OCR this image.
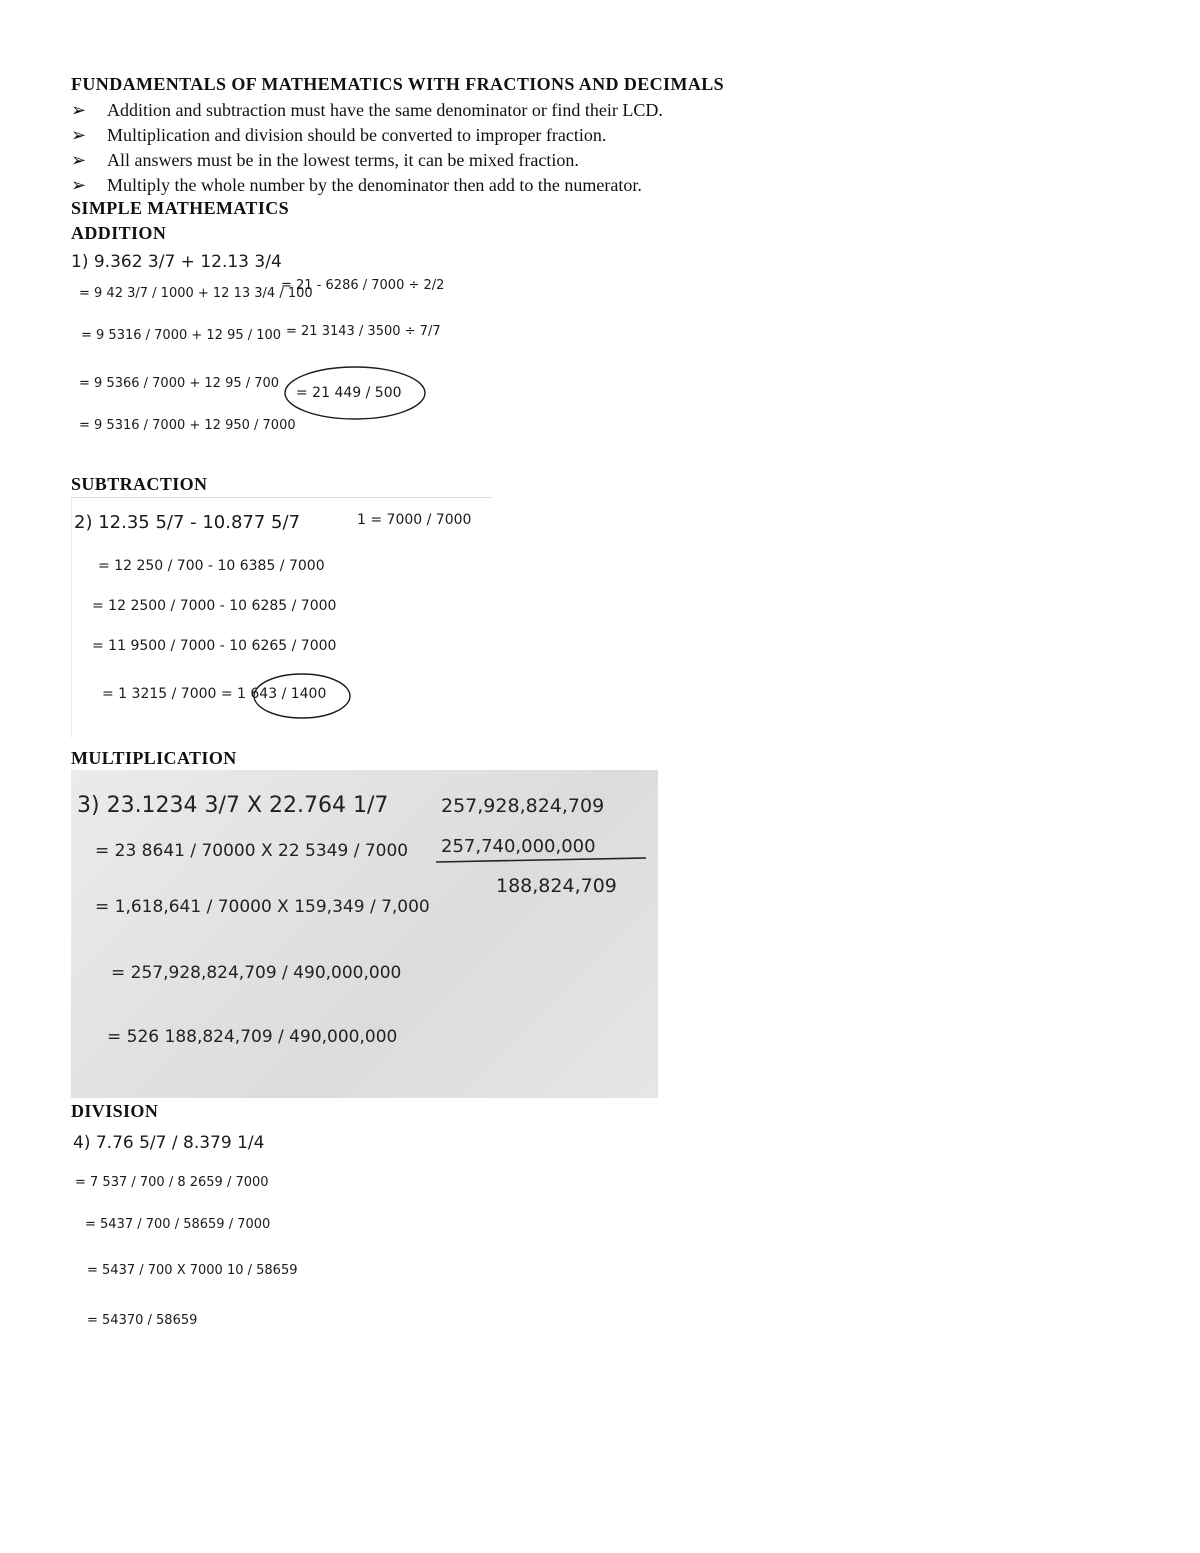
FUNDAMENTALS OF MATHEMATICS WITH FRACTIONS AND DECIMALS
➢	Addition and subtraction must have the same denominator or find their LCD.
➢	Multiplication and division should be converted to improper fraction.
➢	All answers must be in the lowest terms, it can be mixed fraction.
➢	Multiply the whole number by the denominator then add to the numerator.
SIMPLE MATHEMATICS
ADDITION
1) 9.362 3/7 + 12.13 3/4
= 9 42 3/7 / 1000 + 12 13 3/4 / 100
= 21 - 6286 / 7000 ÷ 2/2
= 9 5316 / 7000 + 12 95 / 100 = 21 3143 / 3500 ÷ 7/7
= 9 5366 / 7000 + 12 95 / 700
= 21 449 / 500
= 9 5316 / 7000 + 12 950 / 7000
SUBTRACTION
2) 12.35 5/7 - 10.877 5/7	1 = 7000 / 7000
= 12 250 / 700 - 10 6385 / 7000
= 12 2500 / 7000 - 10 6285 / 7000
= 11 9500 / 7000 - 10 6265 / 7000
= 1 3215 / 7000 = 1 643 / 1400
MULTIPLICATION
3) 23.1234 3/7 X 22.764 1/7	257,928,824,709
257,740,000,000
188,824,709
= 23 8641 / 70000 X 22 5349 / 7000
= 1,618,641 / 70000 X 159,349 / 7,000
= 257,928,824,709 / 490,000,000
= 526 188,824,709 / 490,000,000
DIVISION
4) 7.76 5/7 / 8.379 1/4
= 7 537 / 700 / 8 2659 / 7000
= 5437 / 700 / 58659 / 7000
= 5437 / 700 X 7000 10 / 58659
= 54370 / 58659
